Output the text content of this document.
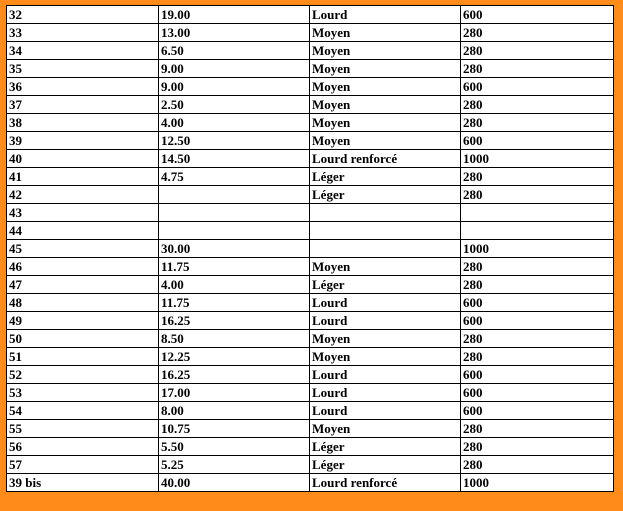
32	19.00	Lourd	600
33	13.00	Moyen	280
34	6.50	Moyen	280
35	9.00	Moyen	280
36	9.00	Moyen	600
37	2.50	Moyen	280
38	4.00	Moyen	280
39	12.50	Moyen	600
40	14.50	Lourd renforcé	1000
41	4.75	Léger	280
42		Léger	280
43			
44			
45	30.00		1000
46	11.75	Moyen	280
47	4.00	Léger	280
48	11.75	Lourd	600
49	16.25	Lourd	600
50	8.50	Moyen	280
51	12.25	Moyen	280
52	16.25	Lourd	600
53	17.00	Lourd	600
54	8.00	Lourd	600
55	10.75	Moyen	280
56	5.50	Léger	280
57	5.25	Léger	280
39 bis	40.00	Lourd renforcé	1000
